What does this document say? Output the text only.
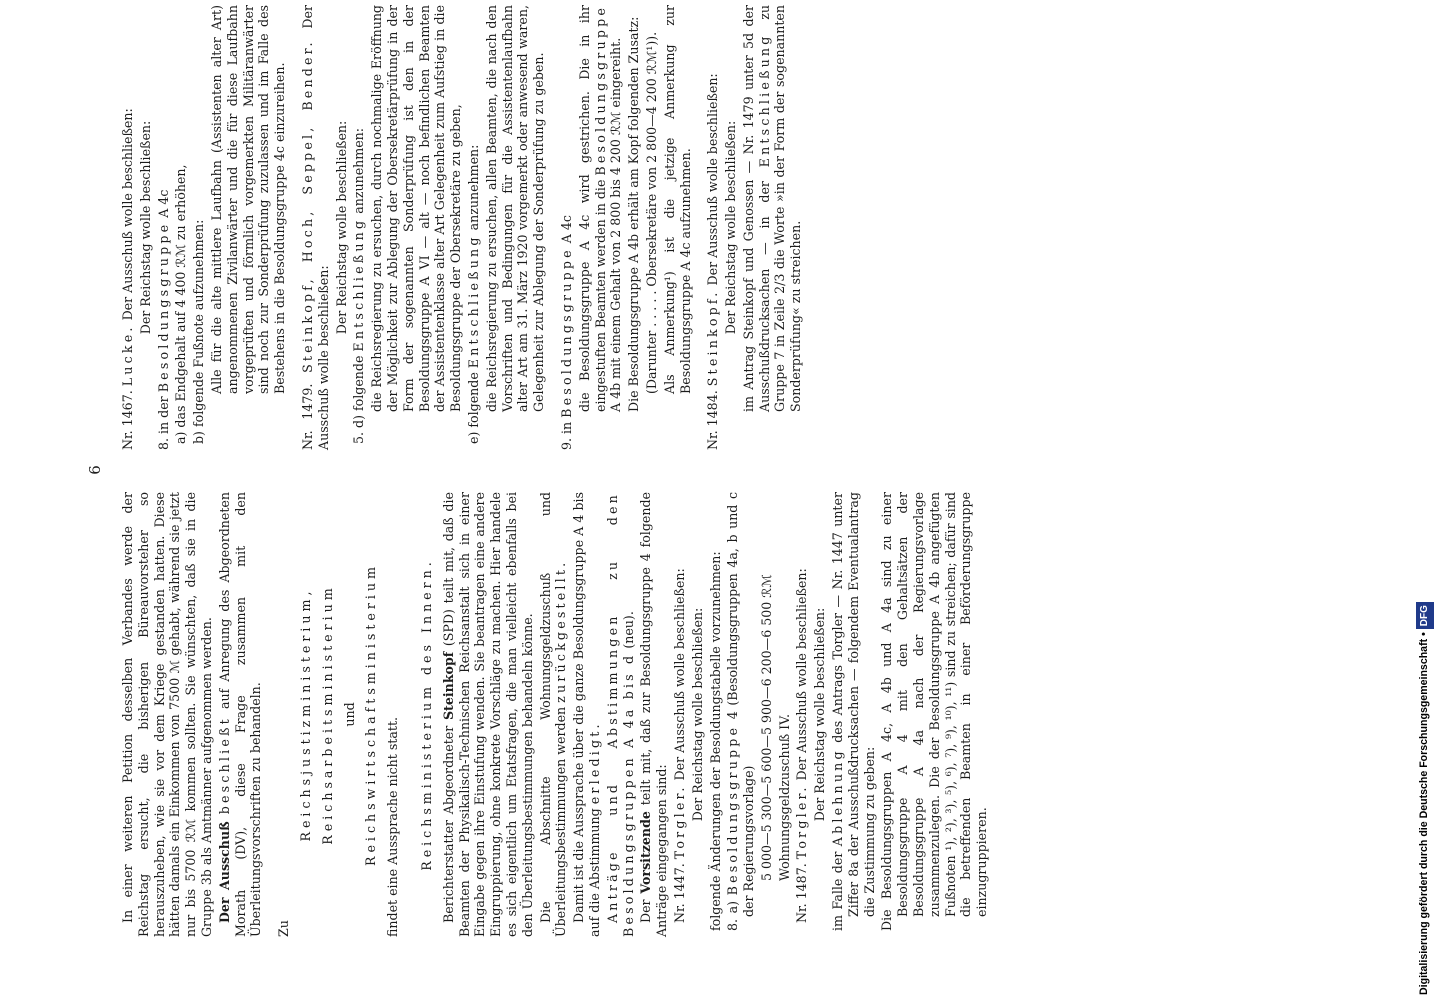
6

In einer weiteren Petition desselben Verbandes werde der Reichstag ersucht, die bisherigen Büreauvorsteher so herauszuheben, wie sie vor dem Kriege gestanden hatten. Diese hätten damals ein Einkommen von 7500 ℳ gehabt, während sie jetzt nur bis 5700 ℛℳ kommen sollten. Sie wünschten, daß sie in die Gruppe 3b als Amtmänner aufgenommen werden. Der Ausschuß beschließt auf Anregung des Abgeordneten Morath (DV), diese Frage zusammen mit den Überleitungsvorschriften zu behandeln. Zu

Reichsjustizministerium, Reichsarbeitsministerium und Reichswirtschaftsministerium findet eine Aussprache nicht statt. Reichsministerium des Innern. Berichterstatter Abgeordneter Steinkopf (SPD) teilt mit, daß die Beamten der Physikalisch-Technischen Reichsanstalt sich in einer Eingabe gegen ihre Einstufung wenden. Sie beantragen eine andere Eingruppierung, ohne konkrete Vorschläge zu machen. Hier handele es sich eigentlich um Etatsfragen, die man vielleicht ebenfalls bei den Überleitungsbestimmungen behandeln könne. Die Abschnitte Wohnungsgeldzuschuß und Überleitungsbestimmungen werden zurückgestellt. Damit ist die Aussprache über die ganze Besoldungsgruppe A 4 bis auf die Abstimmung erledigt. Anträge und Abstimmungen zu den Besoldungsgruppen A 4a bis d (neu).

Der Vorsitzende teilt mit, daß zur Besoldungsgruppe 4 folgende Anträge eingegangen sind: Nr. 1447. Torgler. Der Ausschuß wolle beschließen: Der Reichstag wolle beschließen: folgende Änderungen der Besoldungstabelle vorzunehmen: 8. a) Besoldungsgruppe 4 (Besoldungsgruppen 4a, b und c der Regierungsvorlage) 5 000—5 300—5 600—5 900—6 200—6 500 ℛℳ Wohnungsgeldzuschuß IV.

Nr. 1487. Torgler. Der Ausschuß wolle beschließen: Der Reichstag wolle beschließen:

im Falle der Ablehnung des Antrags Torgler — Nr. 1447 unter Ziffer 8a der Ausschußdrucksachen — folgendem Eventualantrag die Zustimmung zu geben: Die Besoldungsgruppen A 4c, A 4b und A 4a sind zu einer Besoldungsgruppe A 4 mit den Gehaltsätzen der Besoldungsgruppe A 4a nach der Regierungsvorlage zusammenzulegen. Die der Besoldungsgruppe A 4b angefügten Fußnoten ¹), ²), ³), ⁵), ⁶), ⁷), ⁹), ¹⁰), ¹¹) sind zu streichen; dafür sind die betreffenden Beamten in einer Beförderungsgruppe einzugruppieren.

Nr. 1467. Lucke. Der Ausschuß wolle beschließen: Der Reichstag wolle beschließen:

8. in der Besoldungsgruppe A 4c a) das Endgehalt auf 4 400 ℛℳ zu erhöhen, b) folgende Fußnote aufzunehmen: Alle für die alte mittlere Laufbahn (Assistenten alter Art) angenommenen Zivilanwärter und die für diese Laufbahn vorgeprüften und förmlich vorgemerkten Militäranwärter sind noch zur Sonderprüfung zuzulassen und im Falle des Bestehens in die Besoldungsgruppe 4c einzureihen.

Nr. 1479. Steinkopf, Hoch, Seppel, Bender. Der Ausschuß wolle beschließen:

Der Reichstag wolle beschließen:

5. d) folgende Entschließung anzunehmen: die Reichsregierung zu ersuchen, durch nochmalige Eröffnung der Möglichkeit zur Ablegung der Obersekretärprüfung in der Form der sogenannten Sonderprüfung ist den in der Besoldungsgruppe A VI — alt — noch befindlichen Beamten der Assistentenklasse alter Art Gelegenheit zum Aufstieg in die Besoldungsgruppe der Obersekretäre zu geben, e) folgende Entschließung anzunehmen: die Reichsregierung zu ersuchen, allen Beamten, die nach den Vorschriften und Bedingungen für die Assistentenlaufbahn alter Art am 31. März 1920 vorgemerkt oder anwesend waren, Gelegenheit zur Ablegung der Sonderprüfung zu geben.

9. in Besoldungsgruppe A 4c die Besoldungsgruppe A 4c wird gestrichen. Die in ihr eingestuften Beamten werden in die Besoldungsgruppe A 4b mit einem Gehalt von 2 800 bis 4 200 ℛℳ eingereiht. Die Besoldungsgruppe A 4b erhält am Kopf folgenden Zusatz: (Darunter . . . . . Obersekretäre von 2 800—4 200 ℛℳ¹)). Als Anmerkung¹) ist die jetzige Anmerkung zur Besoldungsgruppe A 4c aufzunehmen.

Nr. 1484. Steinkopf. Der Ausschuß wolle beschließen: Der Reichstag wolle beschließen: im Antrag Steinkopf und Genossen — Nr. 1479 unter 5d der Ausschußdrucksachen — in der Entschließung zu Gruppe 7 in Zeile 2/3 die Worte »in der Form der sogenannten Sonderprüfung« zu streichen.

Digitalisierung gefördert durch die Deutsche Forschungsgemeinschaft •DFG
